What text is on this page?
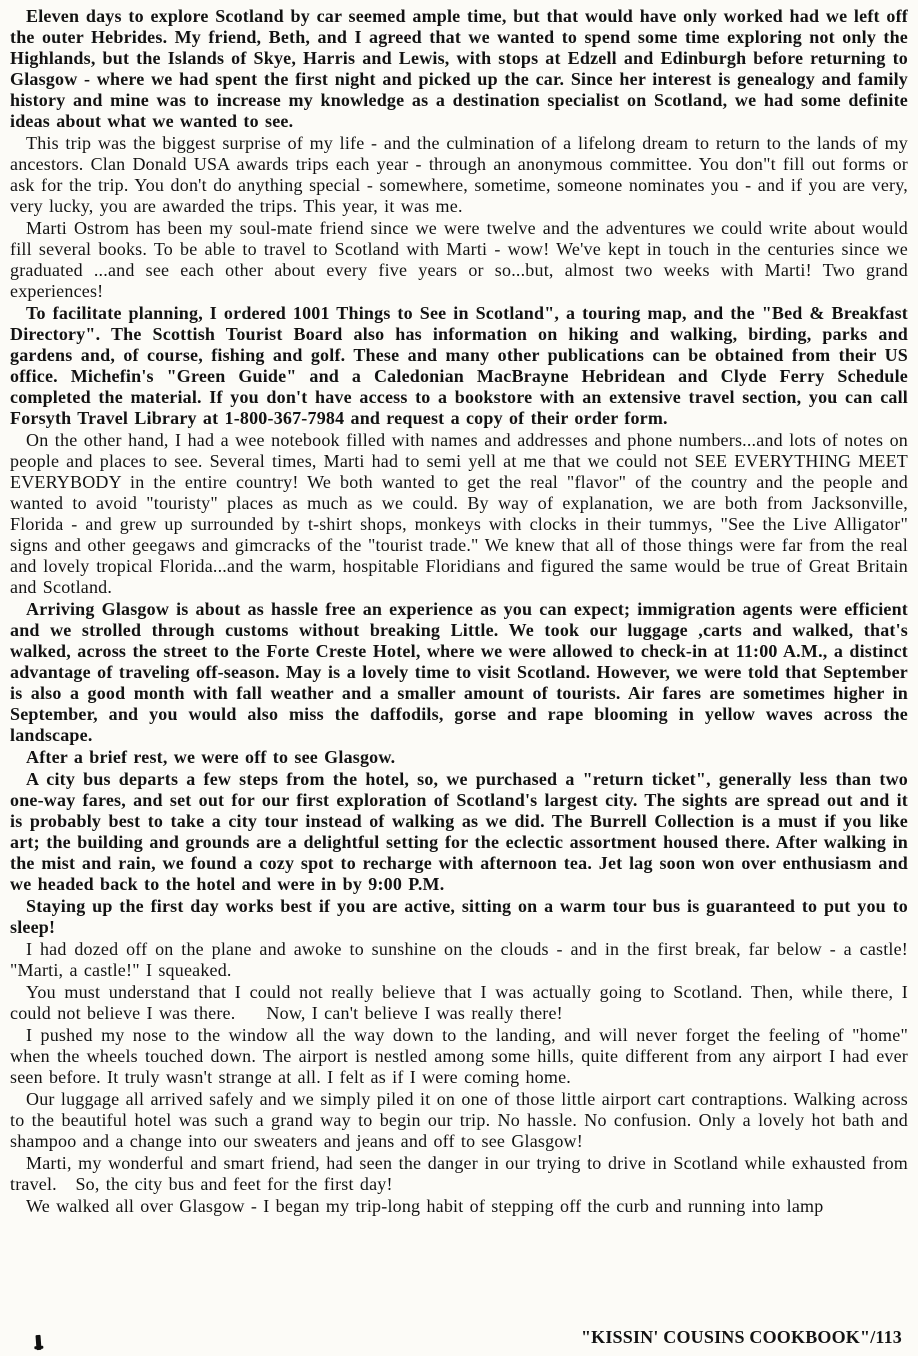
Eleven days to explore Scotland by car seemed ample time, but that would have only worked had we left off the outer Hebrides. My friend, Beth, and I agreed that we wanted to spend some time exploring not only the Highlands, but the Islands of Skye, Harris and Lewis, with stops at Edzell and Edinburgh before returning to Glasgow - where we had spent the first night and picked up the car. Since her interest is genealogy and family history and mine was to increase my knowledge as a destination specialist on Scotland, we had some definite ideas about what we wanted to see.

This trip was the biggest surprise of my life - and the culmination of a lifelong dream to return to the lands of my ancestors. Clan Donald USA awards trips each year - through an anonymous committee. You don"t fill out forms or ask for the trip. You don't do anything special - somewhere, sometime, someone nominates you - and if you are very, very lucky, you are awarded the trips. This year, it was me.

Marti Ostrom has been my soul-mate friend since we were twelve and the adventures we could write about would fill several books. To be able to travel to Scotland with Marti - wow! We've kept in touch in the centuries since we graduated ...and see each other about every five years or so...but, almost two weeks with Marti! Two grand experiences!

To facilitate planning, I ordered 1001 Things to See in Scotland", a touring map, and the "Bed & Breakfast Directory". The Scottish Tourist Board also has information on hiking and walking, birding, parks and gardens and, of course, fishing and golf. These and many other publications can be obtained from their US office. Michefin's "Green Guide" and a Caledonian MacBrayne Hebridean and Clyde Ferry Schedule completed the material. If you don't have access to a bookstore with an extensive travel section, you can call Forsyth Travel Library at 1-800-367-7984 and request a copy of their order form.

On the other hand, I had a wee notebook filled with names and addresses and phone numbers...and lots of notes on people and places to see. Several times, Marti had to semi yell at me that we could not SEE EVERYTHING MEET EVERYBODY in the entire country! We both wanted to get the real "flavor" of the country and the people and wanted to avoid "touristy" places as much as we could. By way of explanation, we are both from Jacksonville, Florida - and grew up surrounded by t-shirt shops, monkeys with clocks in their tummys, "See the Live Alligator" signs and other geegaws and gimcracks of the "tourist trade." We knew that all of those things were far from the real and lovely tropical Florida...and the warm, hospitable Floridians and figured the same would be true of Great Britain and Scotland.

Arriving Glasgow is about as hassle free an experience as you can expect; immigration agents were efficient and we strolled through customs without breaking Little. We took our luggage ,carts and walked, that's walked, across the street to the Forte Creste Hotel, where we were allowed to check-in at 11:00 A.M., a distinct advantage of traveling off-season. May is a lovely time to visit Scotland. However, we were told that September is also a good month with fall weather and a smaller amount of tourists. Air fares are sometimes higher in September, and you would also miss the daffodils, gorse and rape blooming in yellow waves across the landscape.

After a brief rest, we were off to see Glasgow.

A city bus departs a few steps from the hotel, so, we purchased a "return ticket", generally less than two one-way fares, and set out for our first exploration of Scotland's largest city. The sights are spread out and it is probably best to take a city tour instead of walking as we did. The Burrell Collection is a must if you like art; the building and grounds are a delightful setting for the eclectic assortment housed there. After walking in the mist and rain, we found a cozy spot to recharge with afternoon tea. Jet lag soon won over enthusiasm and we headed back to the hotel and were in by 9:00 P.M.

Staying up the first day works best if you are active, sitting on a warm tour bus is guaranteed to put you to sleep!

I had dozed off on the plane and awoke to sunshine on the clouds - and in the first break, far below - a castle! "Marti, a castle!" I squeaked.

You must understand that I could not really believe that I was actually going to Scotland. Then, while there, I could not believe I was there.     Now, I can't believe I was really there!

I pushed my nose to the window all the way down to the landing, and will never forget the feeling of "home" when the wheels touched down. The airport is nestled among some hills, quite different from any airport I had ever seen before. It truly wasn't strange at all. I felt as if I were coming home.

Our luggage all arrived safely and we simply piled it on one of those little airport cart contraptions. Walking across to the beautiful hotel was such a grand way to begin our trip. No hassle. No confusion. Only a lovely hot bath and shampoo and a change into our sweaters and jeans and off to see Glasgow!

Marti, my wonderful and smart friend, had seen the danger in our trying to drive in Scotland while exhausted from travel.   So, the city bus and feet for the first day!

We walked all over Glasgow - I began my trip-long habit of stepping off the curb and running into lamp

"KISSIN' COUSINS COOKBOOK"/113
